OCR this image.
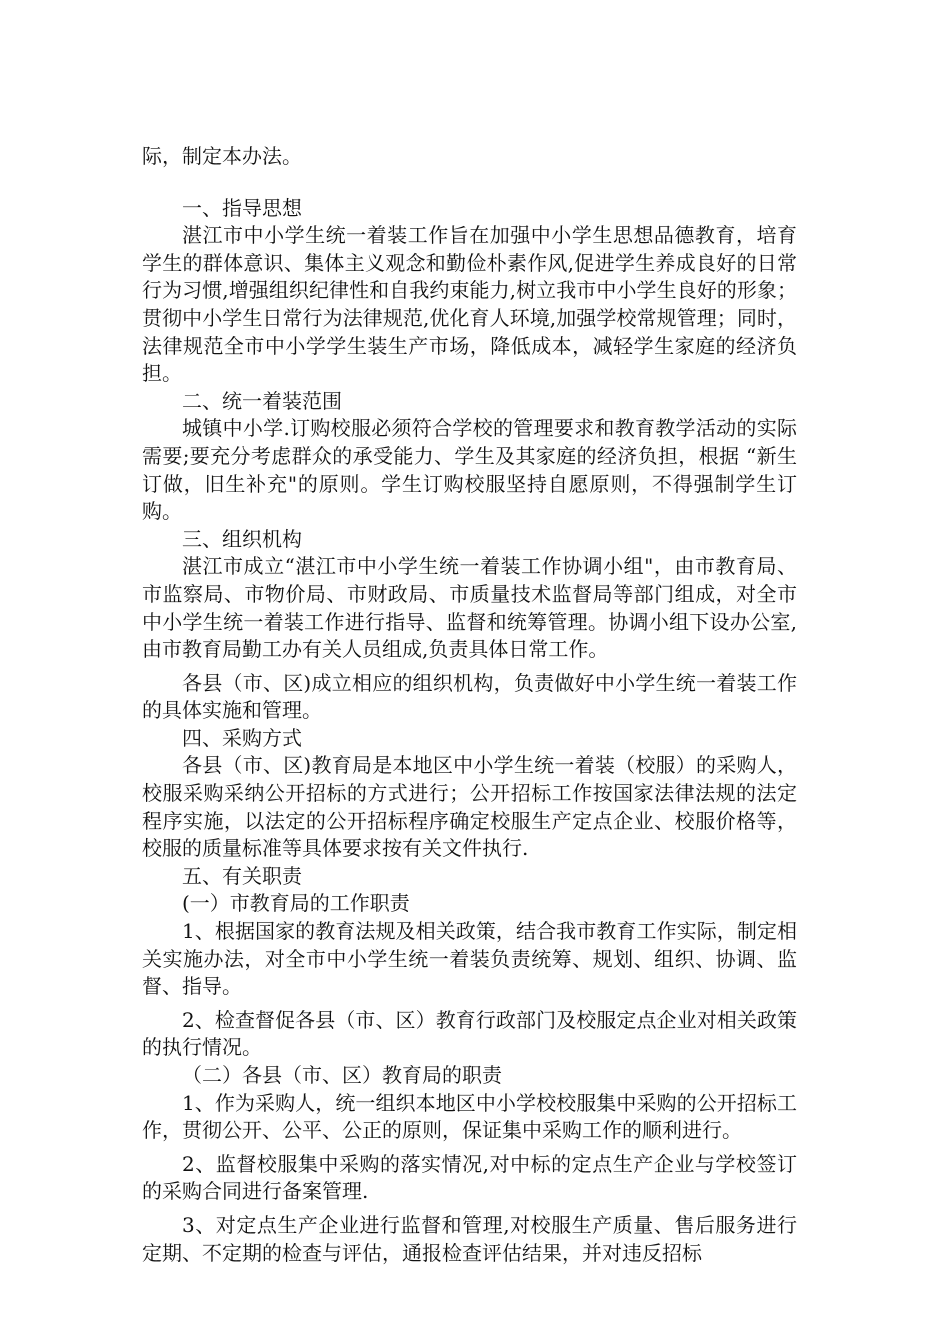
际，制定本办法。

一、指导思想

湛江市中小学生统一着装工作旨在加强中小学生思想品德教育，培育学生的群体意识、集体主义观念和勤俭朴素作风,促进学生养成良好的日常行为习惯,增强组织纪律性和自我约束能力,树立我市中小学生良好的形象；贯彻中小学生日常行为法律规范,优化育人环境,加强学校常规管理；同时，法律规范全市中小学学生装生产市场，降低成本，减轻学生家庭的经济负担。

二、统一着装范围

城镇中小学.订购校服必须符合学校的管理要求和教育教学活动的实际需要;要充分考虑群众的承受能力、学生及其家庭的经济负担，根据 “新生订做，旧生补充"的原则。学生订购校服坚持自愿原则，不得强制学生订购。

三、组织机构

湛江市成立“湛江市中小学生统一着装工作协调小组"，由市教育局、市监察局、市物价局、市财政局、市质量技术监督局等部门组成，对全市中小学生统一着装工作进行指导、监督和统筹管理。协调小组下设办公室,由市教育局勤工办有关人员组成,负责具体日常工作。

各县（市、区)成立相应的组织机构，负责做好中小学生统一着装工作的具体实施和管理。

四、采购方式

各县（市、区)教育局是本地区中小学生统一着装（校服）的采购人，校服采购采纳公开招标的方式进行；公开招标工作按国家法律法规的法定程序实施，以法定的公开招标程序确定校服生产定点企业、校服价格等，校服的质量标准等具体要求按有关文件执行.

五、有关职责

(一）市教育局的工作职责

1、根据国家的教育法规及相关政策，结合我市教育工作实际，制定相关实施办法，对全市中小学生统一着装负责统筹、规划、组织、协调、监督、指导。

2、检查督促各县（市、区）教育行政部门及校服定点企业对相关政策的执行情况。

（二）各县（市、区）教育局的职责

1、作为采购人，统一组织本地区中小学校校服集中采购的公开招标工作，贯彻公开、公平、公正的原则，保证集中采购工作的顺利进行。

2、监督校服集中采购的落实情况,对中标的定点生产企业与学校签订的采购合同进行备案管理.

3、对定点生产企业进行监督和管理,对校服生产质量、售后服务进行定期、不定期的检查与评估，通报检查评估结果，并对违反招标
